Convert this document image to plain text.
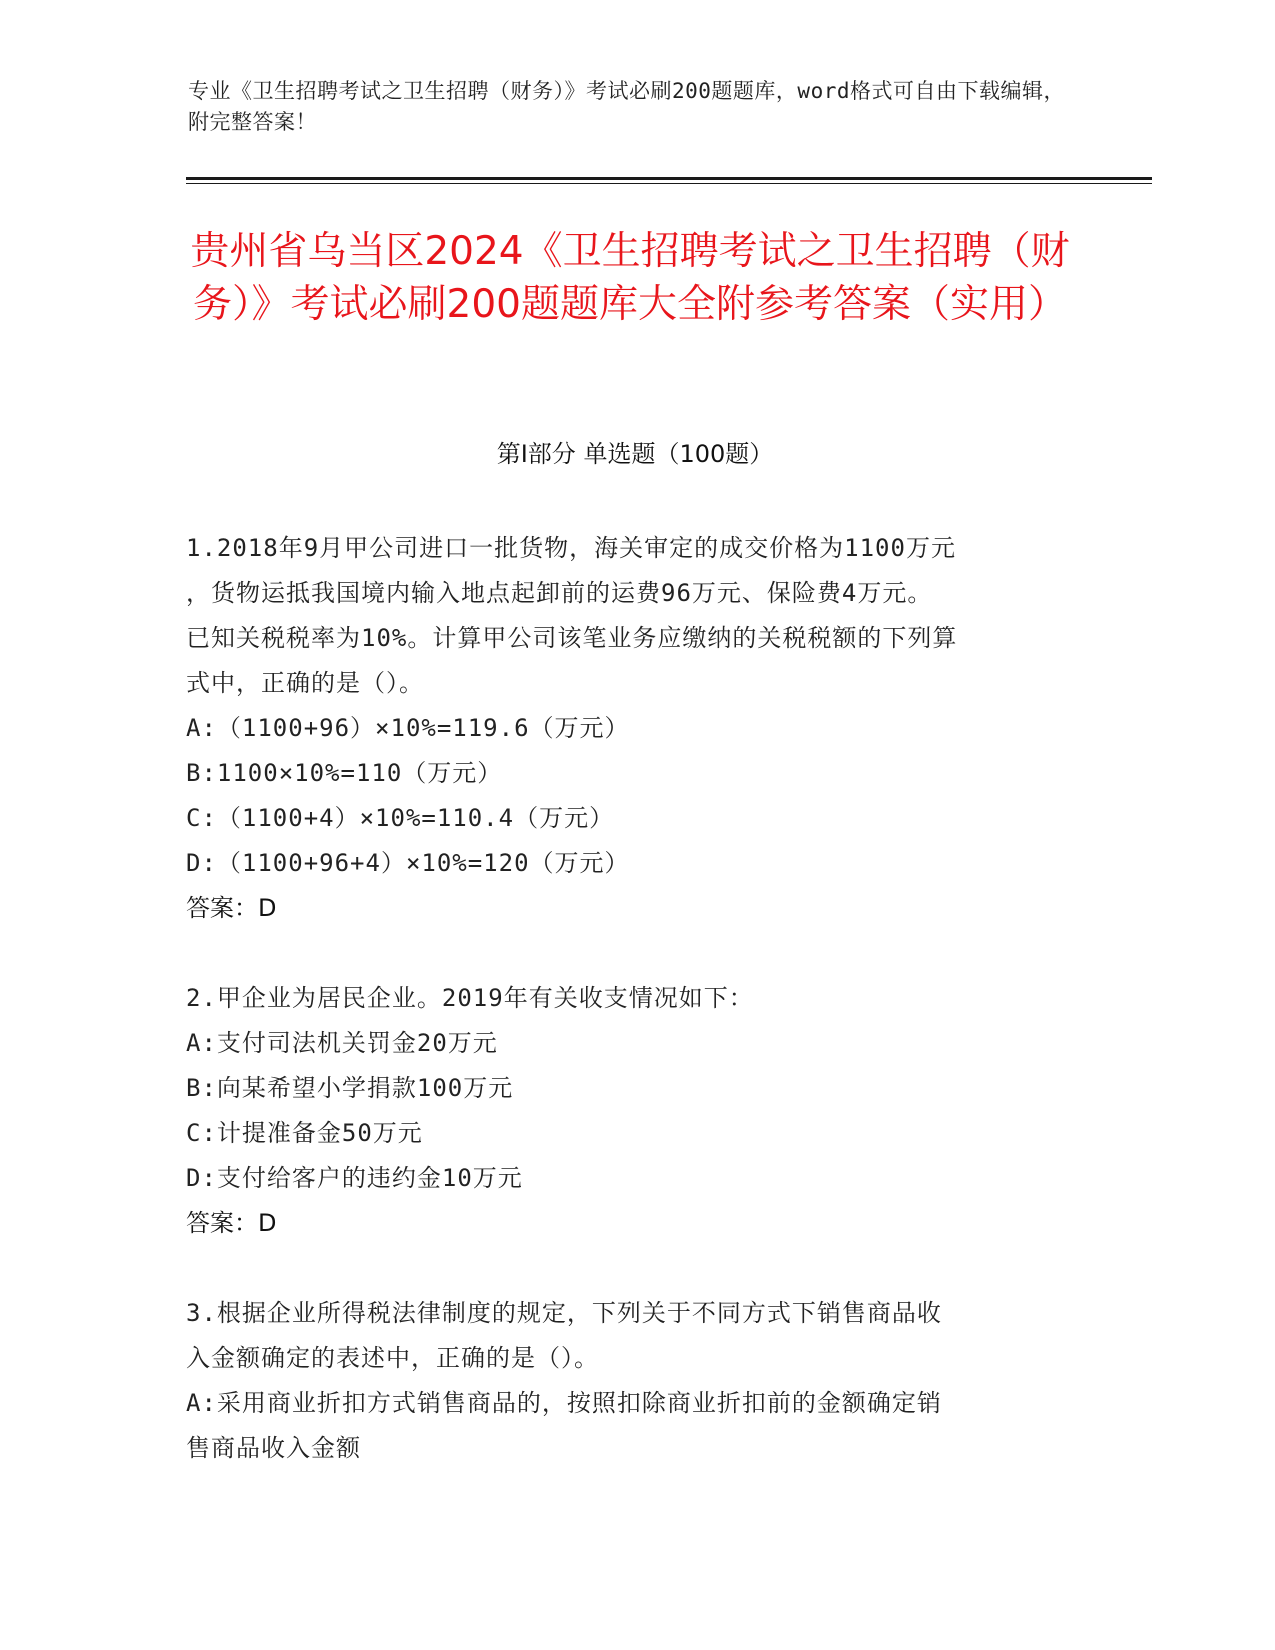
专业《卫生招聘考试之卫生招聘（财务）》考试必刷200题题库，word格式可自由下载编辑，附完整答案！
贵州省乌当区2024《卫生招聘考试之卫生招聘（财务）》考试必刷200题题库大全附参考答案（实用）
第I部分 单选题（100题）
1.2018年9月甲公司进口一批货物，海关审定的成交价格为1100万元
，货物运抵我国境内输入地点起卸前的运费96万元、保险费4万元。
已知关税税率为10%。计算甲公司该笔业务应缴纳的关税税额的下列算
式中，正确的是（）。
A:（1100+96）×10%=119.6（万元）
B:1100×10%=110（万元）
C:（1100+4）×10%=110.4（万元）
D:（1100+96+4）×10%=120（万元）
答案：D
2.甲企业为居民企业。2019年有关收支情况如下：
A:支付司法机关罚金20万元
B:向某希望小学捐款100万元
C:计提准备金50万元
D:支付给客户的违约金10万元
答案：D
3.根据企业所得税法律制度的规定，下列关于不同方式下销售商品收
入金额确定的表述中，正确的是（）。
A:采用商业折扣方式销售商品的，按照扣除商业折扣前的金额确定销
售商品收入金额
